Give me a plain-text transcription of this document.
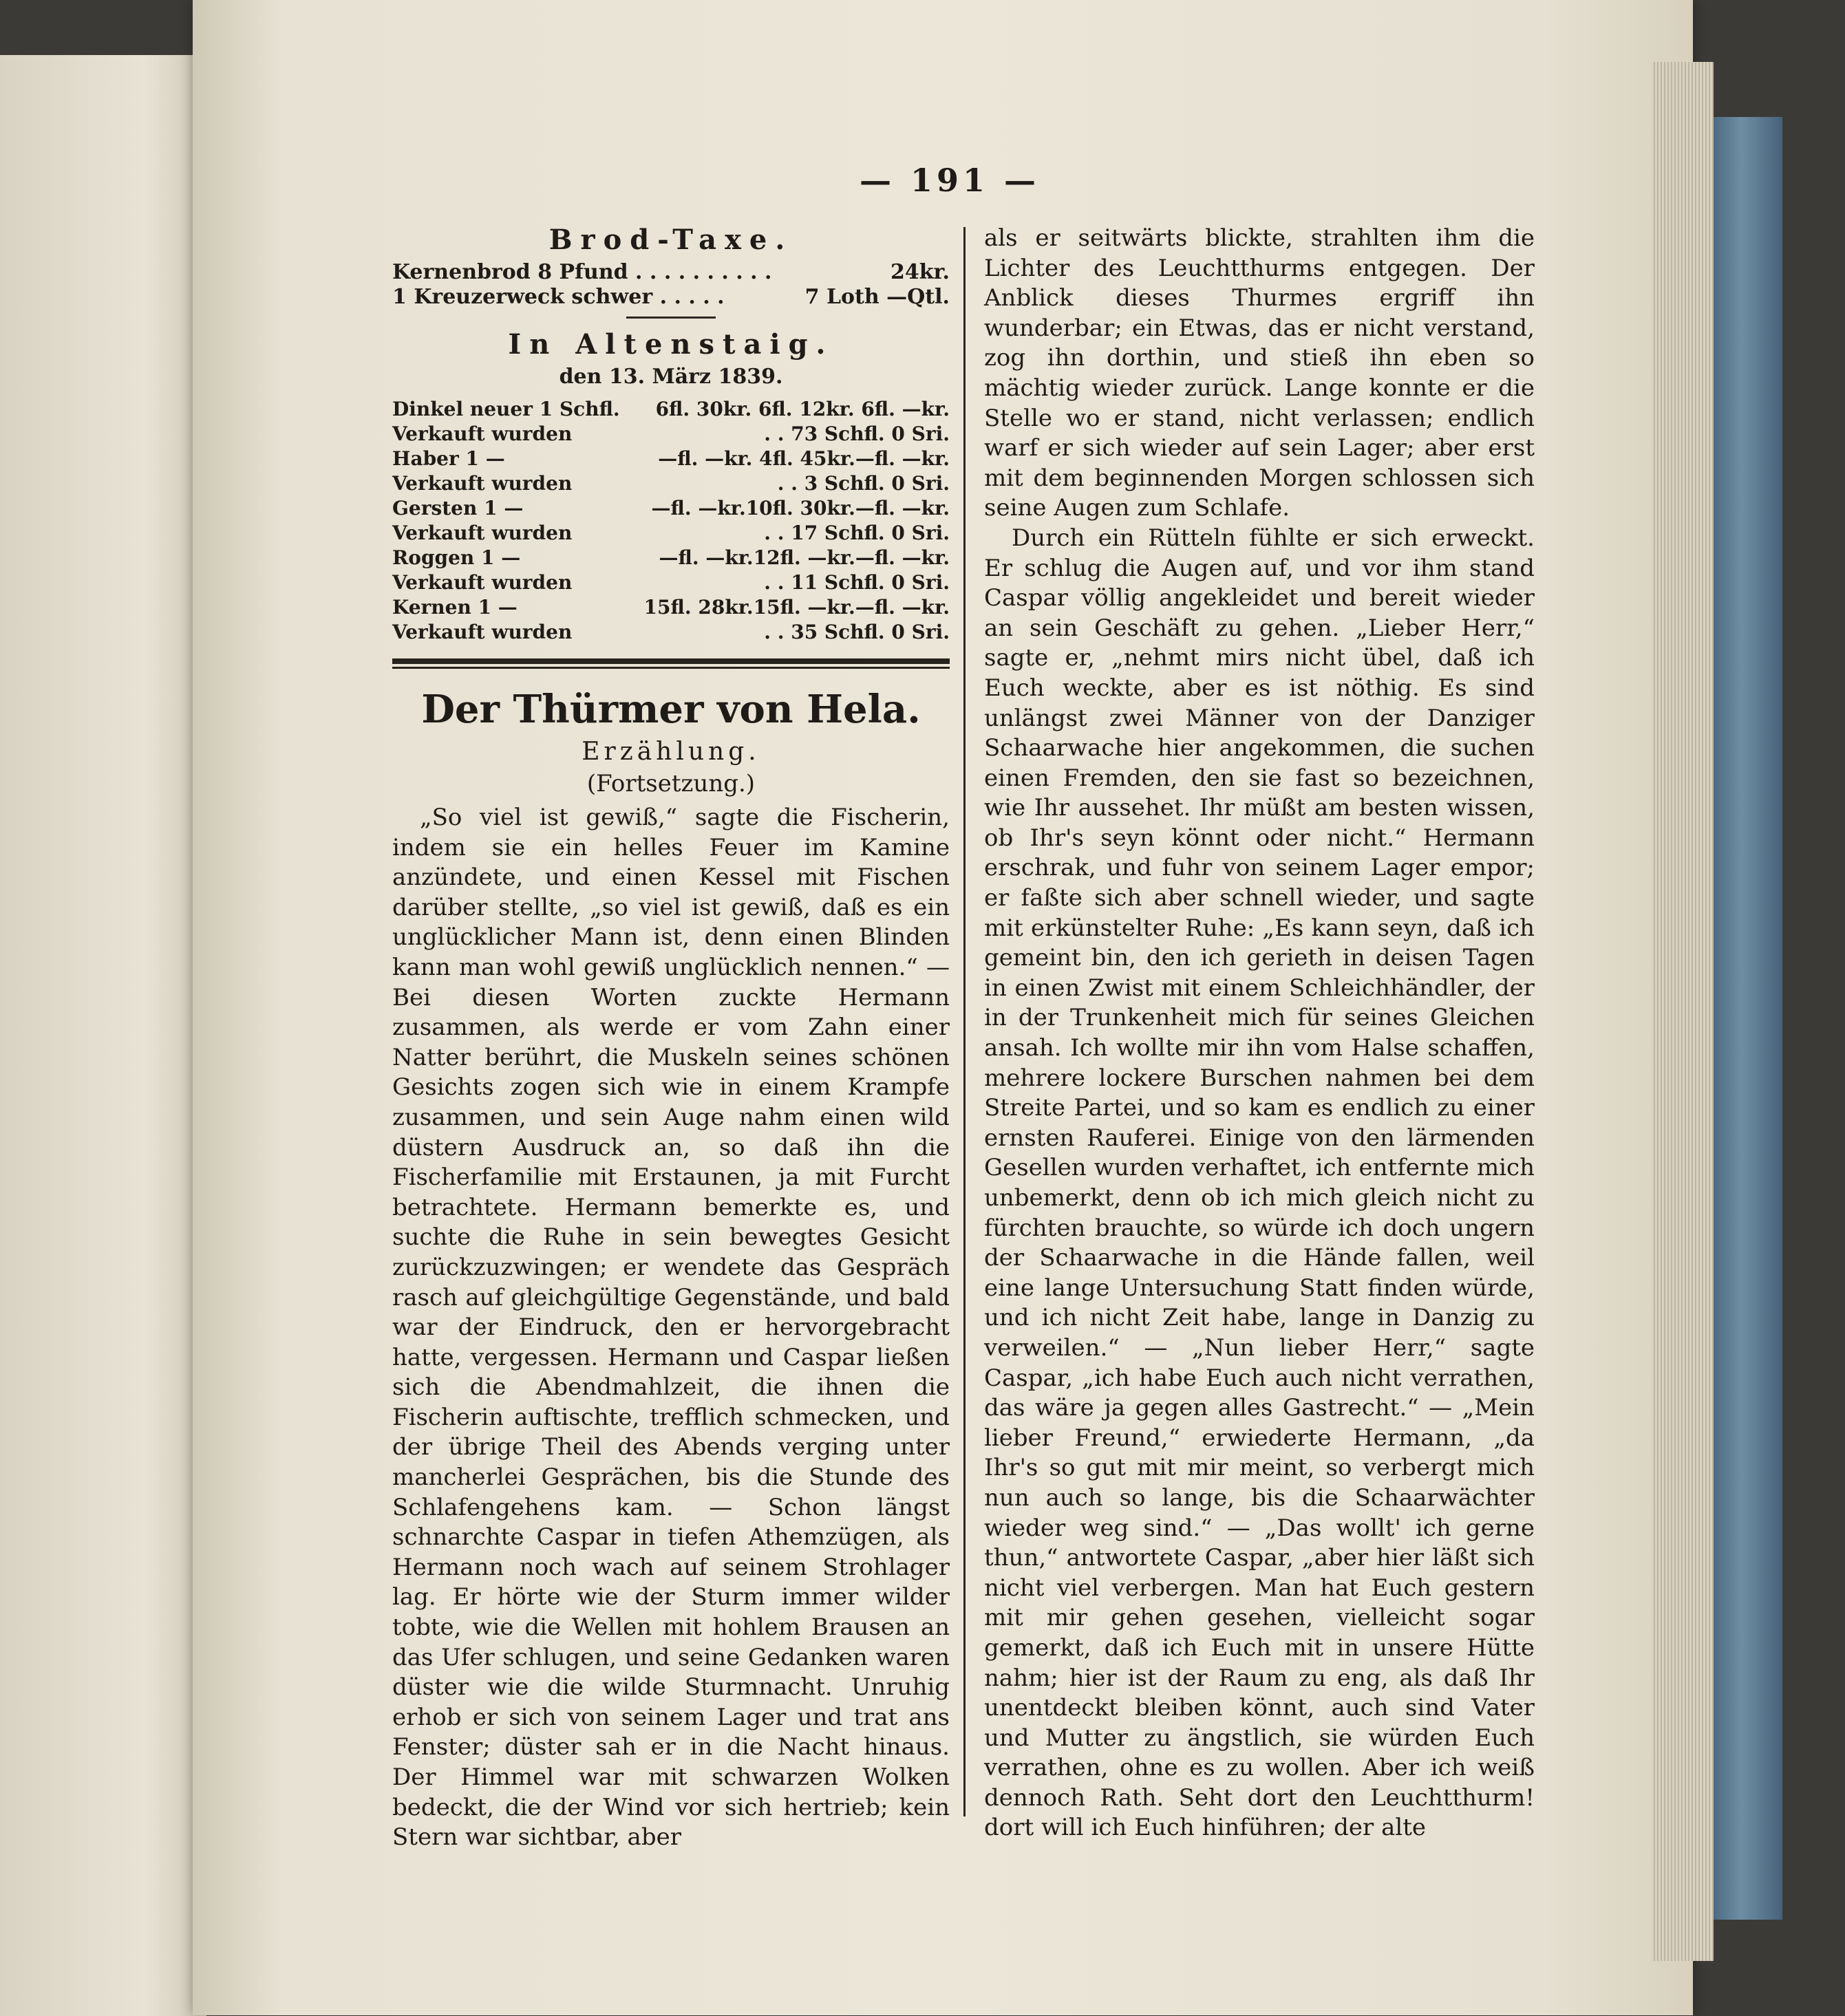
— 191 —
Brod-Taxe.
Kernenbrod 8 Pfund . . . . . . . . . .	24kr.
1 Kreuzerweck schwer . . . . .	7 Loth —Qtl.
In Altenstaig.
den 13. März 1839.
Dinkel neuer 1 Schfl.	6fl. 30kr. 6fl. 12kr. 6fl. —kr.
Verkauft wurden	. . 73 Schfl. 0 Sri.
Haber 1 —	—fl. —kr. 4fl. 45kr.—fl. —kr.
Verkauft wurden	. . 3 Schfl. 0 Sri.
Gersten 1 —	—fl. —kr.10fl. 30kr.—fl. —kr.
Verkauft wurden	. . 17 Schfl. 0 Sri.
Roggen 1 —	—fl. —kr.12fl. —kr.—fl. —kr.
Verkauft wurden	. . 11 Schfl. 0 Sri.
Kernen 1 —	15fl. 28kr.15fl. —kr.—fl. —kr.
Verkauft wurden	. . 35 Schfl. 0 Sri.
Der Thürmer von Hela.
Erzählung.
(Fortsetzung.)

„So viel ist gewiß,“ sagte die Fischerin, indem sie ein helles Feuer im Kamine anzündete, und einen Kessel mit Fischen darüber stellte, „so viel ist gewiß, daß es ein unglücklicher Mann ist, denn einen Blinden kann man wohl gewiß unglücklich nennen.“ — Bei diesen Worten zuckte Hermann zusammen, als werde er vom Zahn einer Natter berührt, die Muskeln seines schönen Gesichts zogen sich wie in einem Krampfe zusammen, und sein Auge nahm einen wild düstern Ausdruck an, so daß ihn die Fischerfamilie mit Erstaunen, ja mit Furcht betrachtete. Hermann bemerkte es, und suchte die Ruhe in sein bewegtes Gesicht zurückzuzwingen; er wendete das Gespräch rasch auf gleichgültige Gegenstände, und bald war der Eindruck, den er hervorgebracht hatte, vergessen. Hermann und Caspar ließen sich die Abendmahlzeit, die ihnen die Fischerin auftischte, trefflich schmecken, und der übrige Theil des Abends verging unter mancherlei Gesprächen, bis die Stunde des Schlafengehens kam. — Schon längst schnarchte Caspar in tiefen Athemzügen, als Hermann noch wach auf seinem Strohlager lag. Er hörte wie der Sturm immer wilder tobte, wie die Wellen mit hohlem Brausen an das Ufer schlugen, und seine Gedanken waren düster wie die wilde Sturmnacht. Unruhig erhob er sich von seinem Lager und trat ans Fenster; düster sah er in die Nacht hinaus. Der Himmel war mit schwarzen Wolken bedeckt, die der Wind vor sich hertrieb; kein Stern war sichtbar, aber

als er seitwärts blickte, strahlten ihm die Lichter des Leuchtthurms entgegen. Der Anblick dieses Thurmes ergriff ihn wunderbar; ein Etwas, das er nicht verstand, zog ihn dorthin, und stieß ihn eben so mächtig wieder zurück. Lange konnte er die Stelle wo er stand, nicht verlassen; endlich warf er sich wieder auf sein Lager; aber erst mit dem beginnenden Morgen schlossen sich seine Augen zum Schlafe.

Durch ein Rütteln fühlte er sich erweckt. Er schlug die Augen auf, und vor ihm stand Caspar völlig angekleidet und bereit wieder an sein Geschäft zu gehen. „Lieber Herr,“ sagte er, „nehmt mirs nicht übel, daß ich Euch weckte, aber es ist nöthig. Es sind unlängst zwei Männer von der Danziger Schaarwache hier angekommen, die suchen einen Fremden, den sie fast so bezeichnen, wie Ihr aussehet. Ihr müßt am besten wissen, ob Ihr's seyn könnt oder nicht.“ Hermann erschrak, und fuhr von seinem Lager empor; er faßte sich aber schnell wieder, und sagte mit erkünstelter Ruhe: „Es kann seyn, daß ich gemeint bin, den ich gerieth in deisen Tagen in einen Zwist mit einem Schleichhändler, der in der Trunkenheit mich für seines Gleichen ansah. Ich wollte mir ihn vom Halse schaffen, mehrere lockere Burschen nahmen bei dem Streite Partei, und so kam es endlich zu einer ernsten Rauferei. Einige von den lärmenden Gesellen wurden verhaftet, ich entfernte mich unbemerkt, denn ob ich mich gleich nicht zu fürchten brauchte, so würde ich doch ungern der Schaarwache in die Hände fallen, weil eine lange Untersuchung Statt finden würde, und ich nicht Zeit habe, lange in Danzig zu verweilen.“ — „Nun lieber Herr,“ sagte Caspar, „ich habe Euch auch nicht verrathen, das wäre ja gegen alles Gastrecht.“ — „Mein lieber Freund,“ erwiederte Hermann, „da Ihr's so gut mit mir meint, so verbergt mich nun auch so lange, bis die Schaarwächter wieder weg sind.“ — „Das wollt' ich gerne thun,“ antwortete Caspar, „aber hier läßt sich nicht viel verbergen. Man hat Euch gestern mit mir gehen gesehen, vielleicht sogar gemerkt, daß ich Euch mit in unsere Hütte nahm; hier ist der Raum zu eng, als daß Ihr unentdeckt bleiben könnt, auch sind Vater und Mutter zu ängstlich, sie würden Euch verrathen, ohne es zu wollen. Aber ich weiß dennoch Rath. Seht dort den Leuchtthurm! dort will ich Euch hinführen; der alte
